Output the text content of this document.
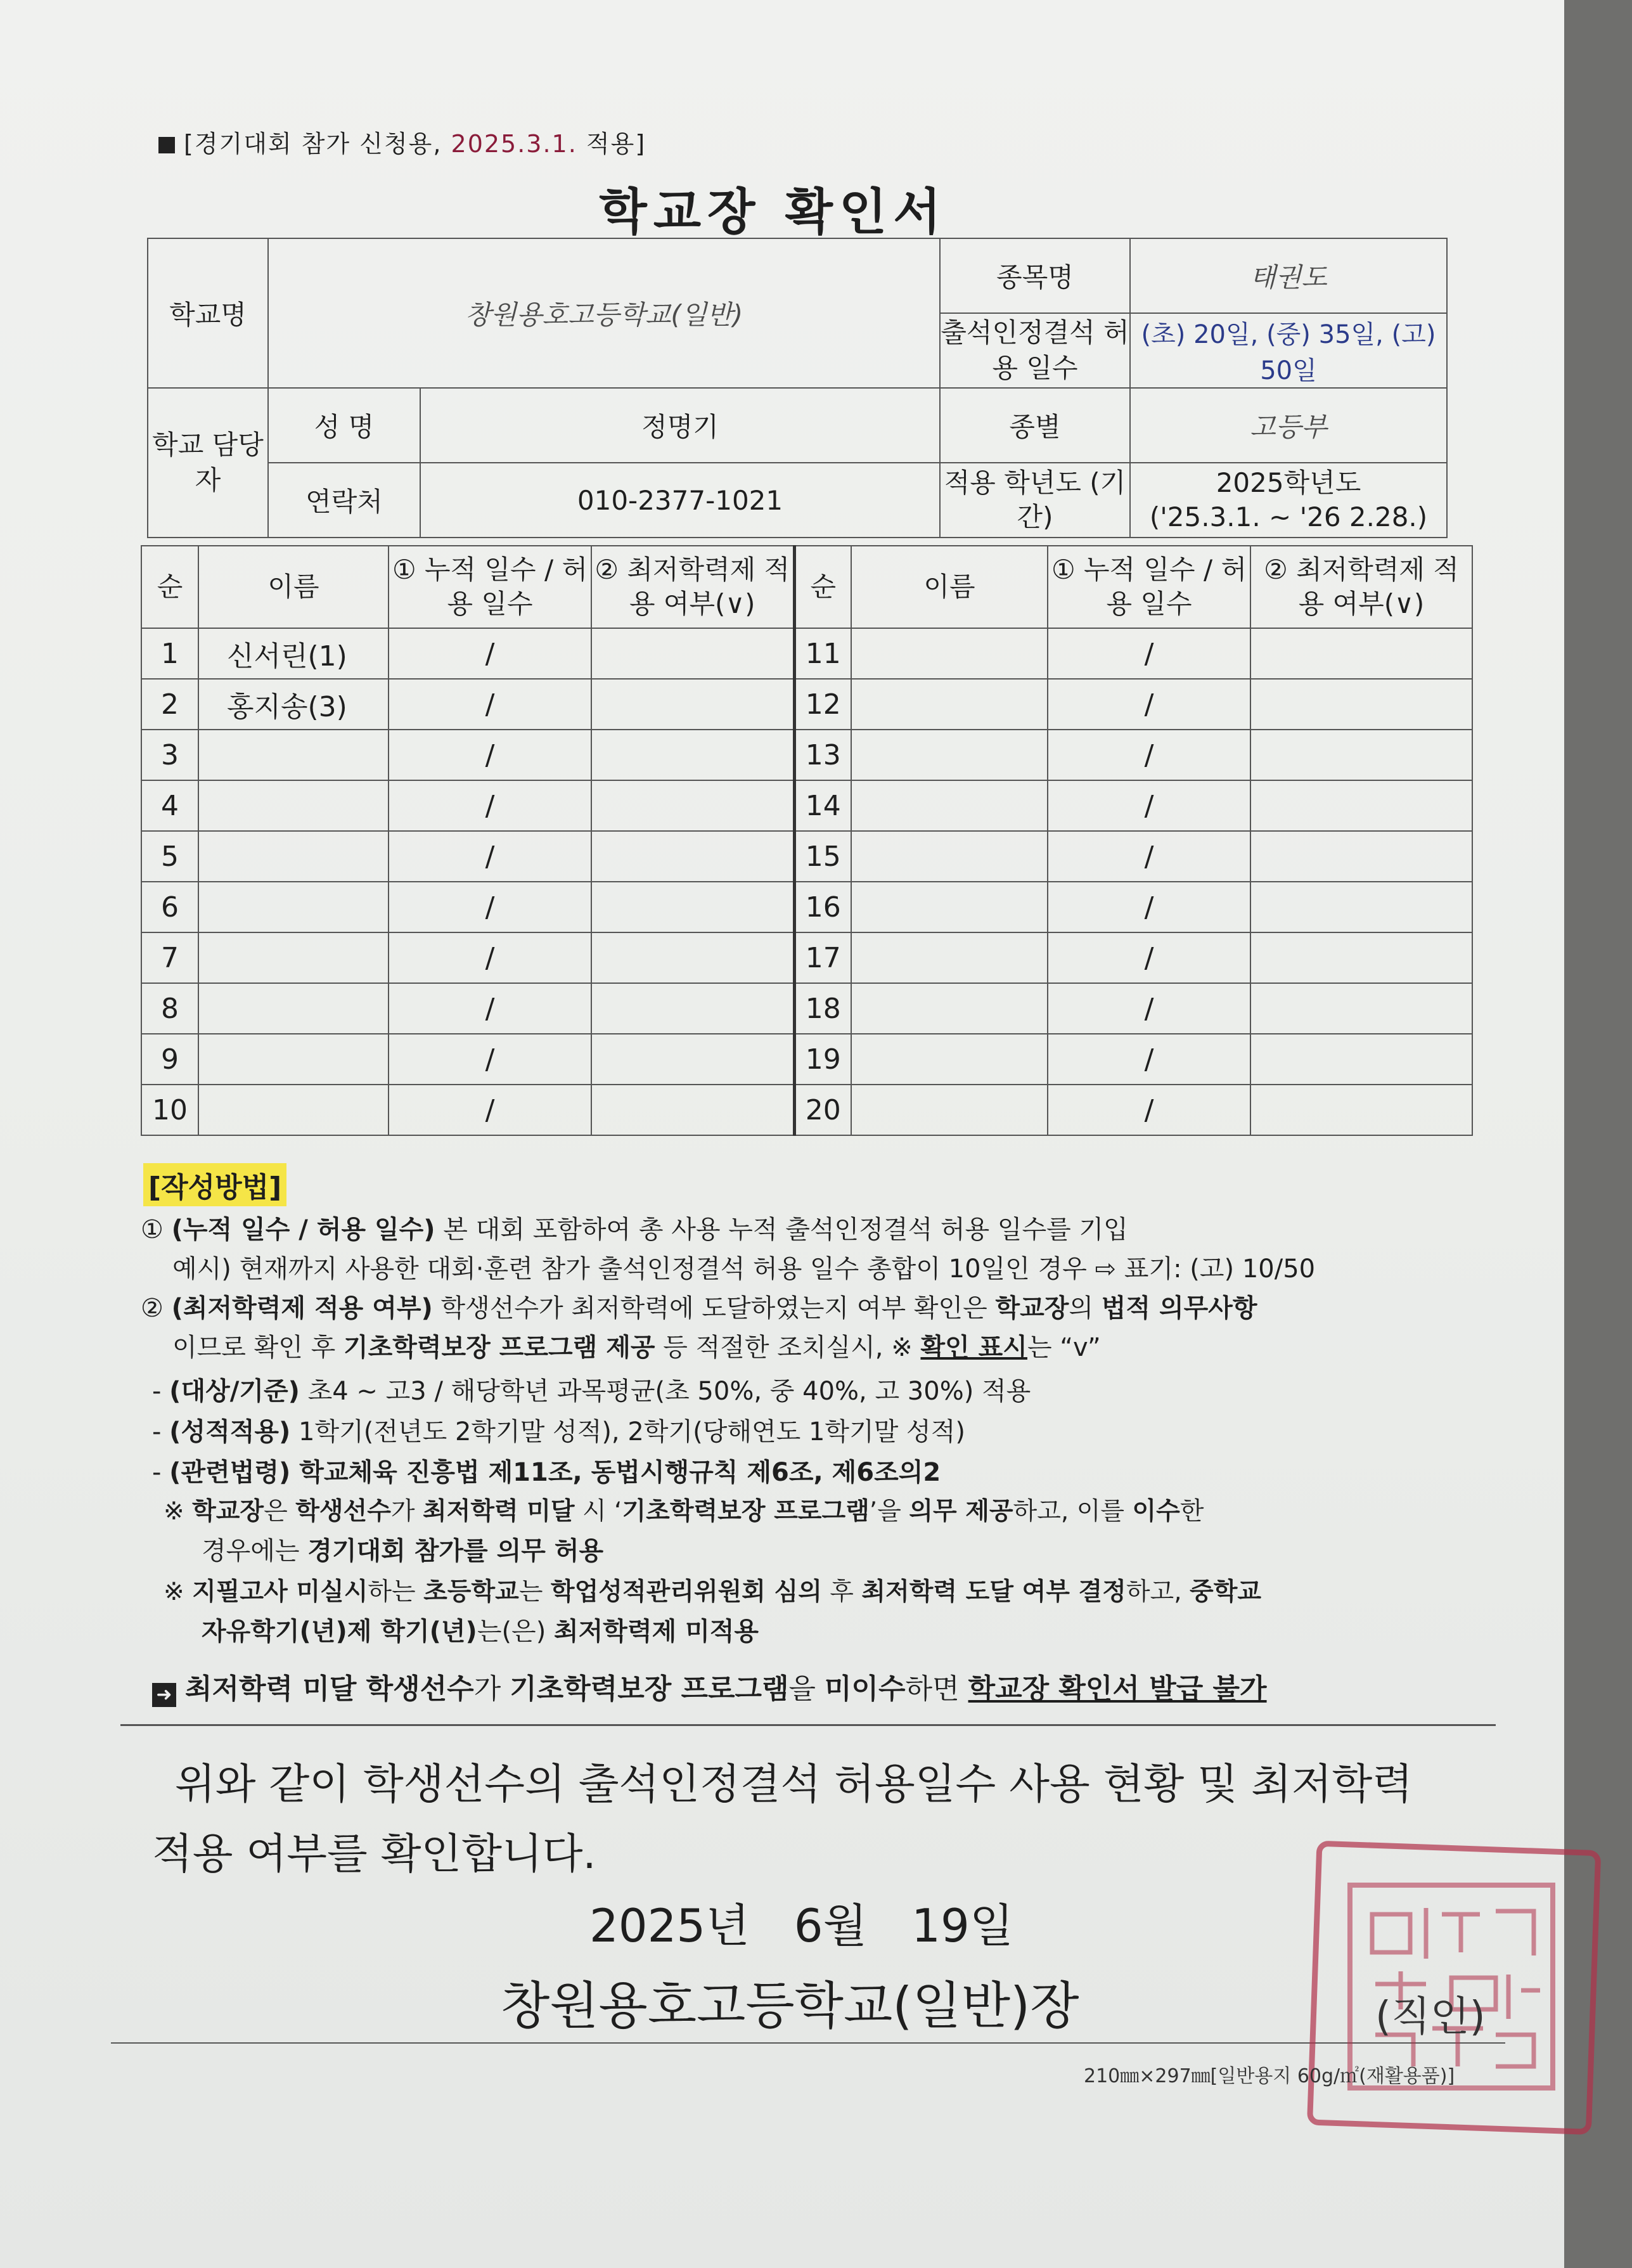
[경기대회 참가 신청용, 2025.3.1. 적용]
학교장 확인서
학교명	창원용호고등학교(일반)		종목명	태권도
			출석인정결석 허용 일수	(초) 20일, (중) 35일, (고) 50일
학교 담당자	성 명	정명기	종별	고등부
	연락처	010-2377-1021	적용 학년도 (기간)	2025학년도
('25.3.1. ~ '26 2.28.)
순	이름	① 누적 일수 / 허용 일수	② 최저학력제 적용 여부(∨)	순	이름	① 누적 일수 / 허용 일수	② 최저학력제 적용 여부(∨)
1	신서린(1)	/		11		/	
2	홍지송(3)	/		12		/	
3		/		13		/	
4		/		14		/	
5		/		15		/	
6		/		16		/	
7		/		17		/	
8		/		18		/	
9		/		19		/	
10		/		20		/	
[작성방법]
① (누적 일수 / 허용 일수) 본 대회 포함하여 총 사용 누적 출석인정결석 허용 일수를 기입
예시) 현재까지 사용한 대회·훈련 참가 출석인정결석 허용 일수 총합이 10일인 경우 ⇨ 표기: (고) 10/50
② (최저학력제 적용 여부) 학생선수가 최저학력에 도달하였는지 여부 확인은 학교장의 법적 의무사항
이므로 확인 후 기초학력보장 프로그램 제공 등 적절한 조치실시, ※ 확인 표시는 “v”
- (대상/기준) 초4 ~ 고3 / 해당학년 과목평균(초 50%, 중 40%, 고 30%) 적용
- (성적적용) 1학기(전년도 2학기말 성적), 2학기(당해연도 1학기말 성적)
- (관련법령) 학교체육 진흥법 제11조, 동법시행규칙 제6조, 제6조의2
※ 학교장은 학생선수가 최저학력 미달 시 ‘기초학력보장 프로그램’을 의무 제공하고, 이를 이수한
경우에는 경기대회 참가를 의무 허용
※ 지필고사 미실시하는 초등학교는 학업성적관리위원회 심의 후 최저학력 도달 여부 결정하고, 중학교
자유학기(년)제 학기(년)는(은) 최저학력제 미적용
➜ 최저학력 미달 학생선수가 기초학력보장 프로그램을 미이수하면 학교장 확인서 발급 불가
위와 같이 학생선수의 출석인정결석 허용일수 사용 현황 및 최저학력
적용 여부를 확인합니다.
2025년 6월 19일
창원용호고등학교(일반)장	(직인)
210㎜×297㎜[일반용지 60g/㎡(재활용품)]
